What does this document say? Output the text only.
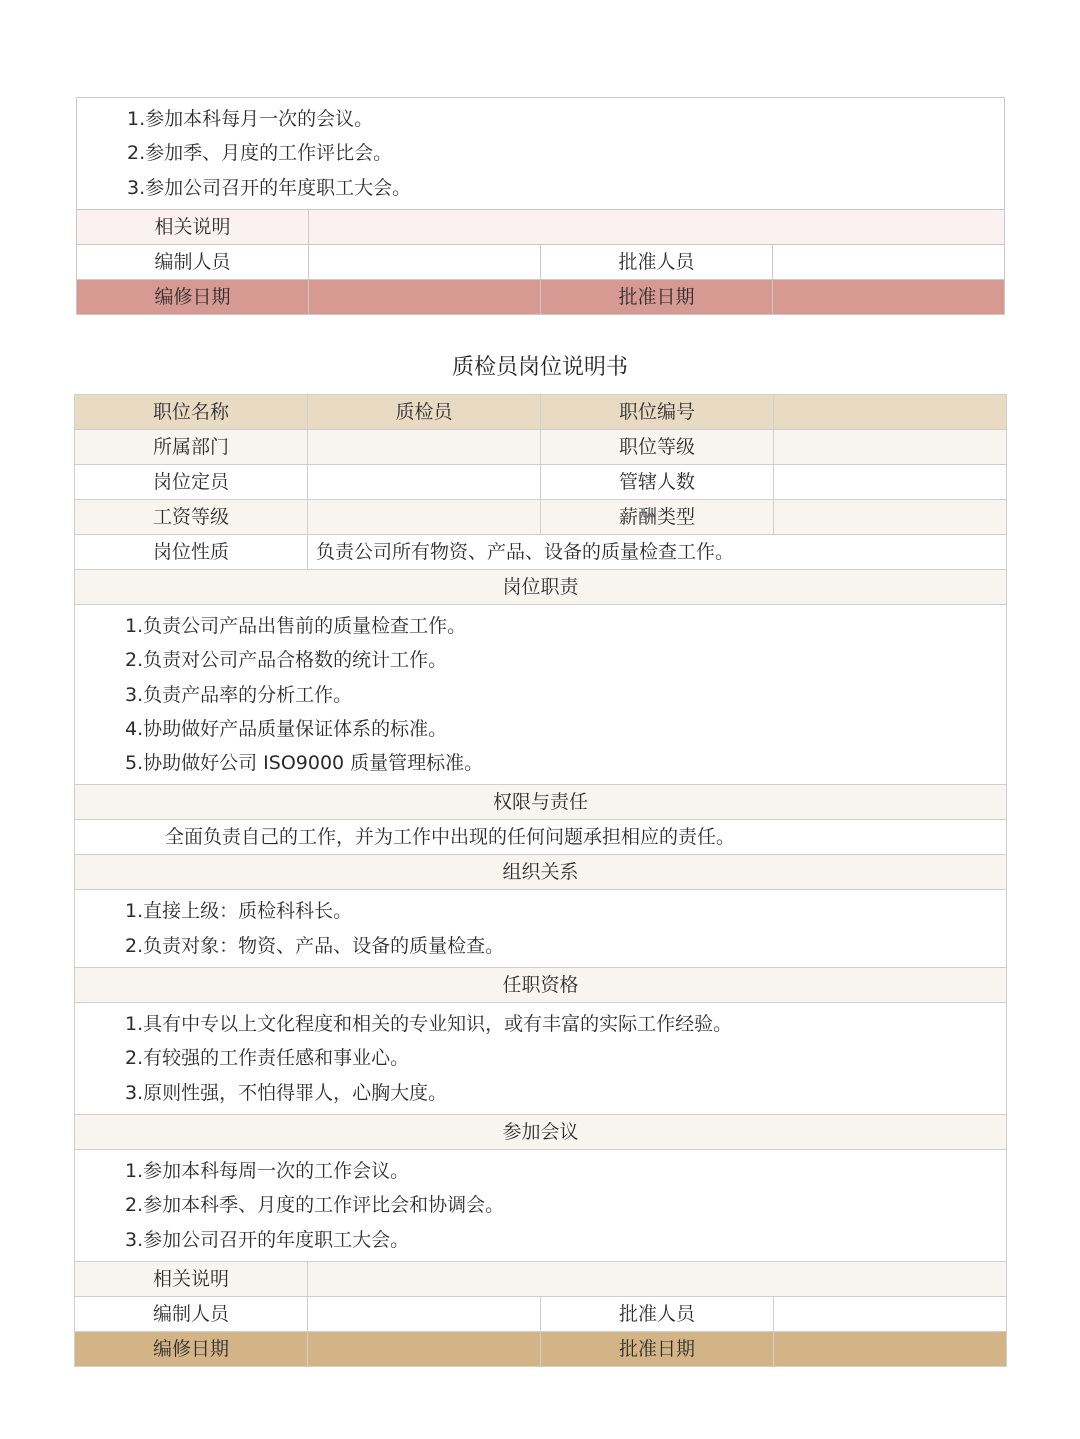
1.参加本科每月一次的会议。
2.参加季、月度的工作评比会。
3.参加公司召开的年度职工大会。			

相关说明			
编制人员		批准人员	
编修日期		批准日期	
质检员岗位说明书
职位名称	质检员	职位编号	
所属部门		职位等级	
岗位定员		管辖人数	
工资等级		薪酬类型	
岗位性质	负责公司所有物资、产品、设备的质量检查工作。		
岗位职责			

1.负责公司产品出售前的质量检查工作。
2.负责对公司产品合格数的统计工作。
3.负责产品率的分析工作。
4.协助做好产品质量保证体系的标准。
5.协助做好公司 ISO9000 质量管理标准。			

权限与责任			
全面负责自己的工作，并为工作中出现的任何问题承担相应的责任。			
组织关系			

1.直接上级：质检科科长。
2.负责对象：物资、产品、设备的质量检查。			

任职资格			

1.具有中专以上文化程度和相关的专业知识，或有丰富的实际工作经验。
2.有较强的工作责任感和事业心。
3.原则性强，不怕得罪人，心胸大度。			

参加会议			

1.参加本科每周一次的工作会议。
2.参加本科季、月度的工作评比会和协调会。
3.参加公司召开的年度职工大会。			

相关说明			
编制人员		批准人员	
编修日期		批准日期	
